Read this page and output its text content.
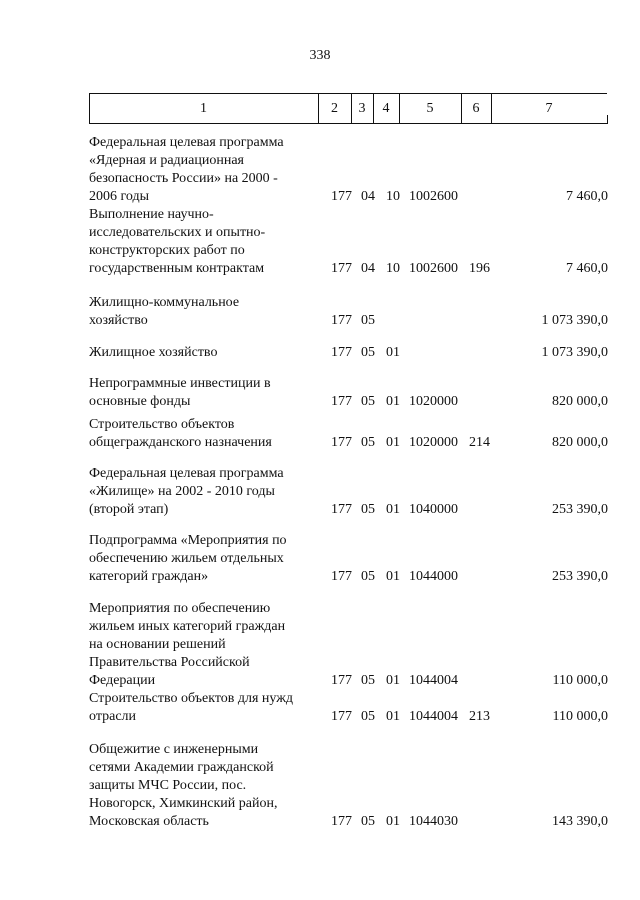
338
1	2	3	4	5	6	7
Федеральная целевая программа
«Ядерная и радиационная
безопасность России» на 2000 -
2006 годы	177 04 10 1002600	7 460,0
Выполнение научно-
исследовательских и опытно-
конструкторских работ по
государственным контрактам	177 04 10 1002600 196	7 460,0
Жилищно-коммунальное
хозяйство	177 05	1 073 390,0
Жилищное хозяйство	177 05 01	1 073 390,0
Непрограммные инвестиции в
основные фонды	177 05 01 1020000	820 000,0
Строительство объектов
общегражданского назначения	177 05 01 1020000 214	820 000,0
Федеральная целевая программа
«Жилище» на 2002 - 2010 годы
(второй этап)	177 05 01 1040000	253 390,0
Подпрограмма «Мероприятия по
обеспечению жильем отдельных
категорий граждан»	177 05 01 1044000	253 390,0
Мероприятия по обеспечению
жильем иных категорий граждан
на основании решений
Правительства Российской
Федерации	177 05 01 1044004	110 000,0
Строительство объектов для нужд
отрасли	177 05 01 1044004 213	110 000,0
Общежитие с инженерными
сетями Академии гражданской
защиты МЧС России, пос.
Новогорск, Химкинский район,
Московская область	177 05 01 1044030	143 390,0
